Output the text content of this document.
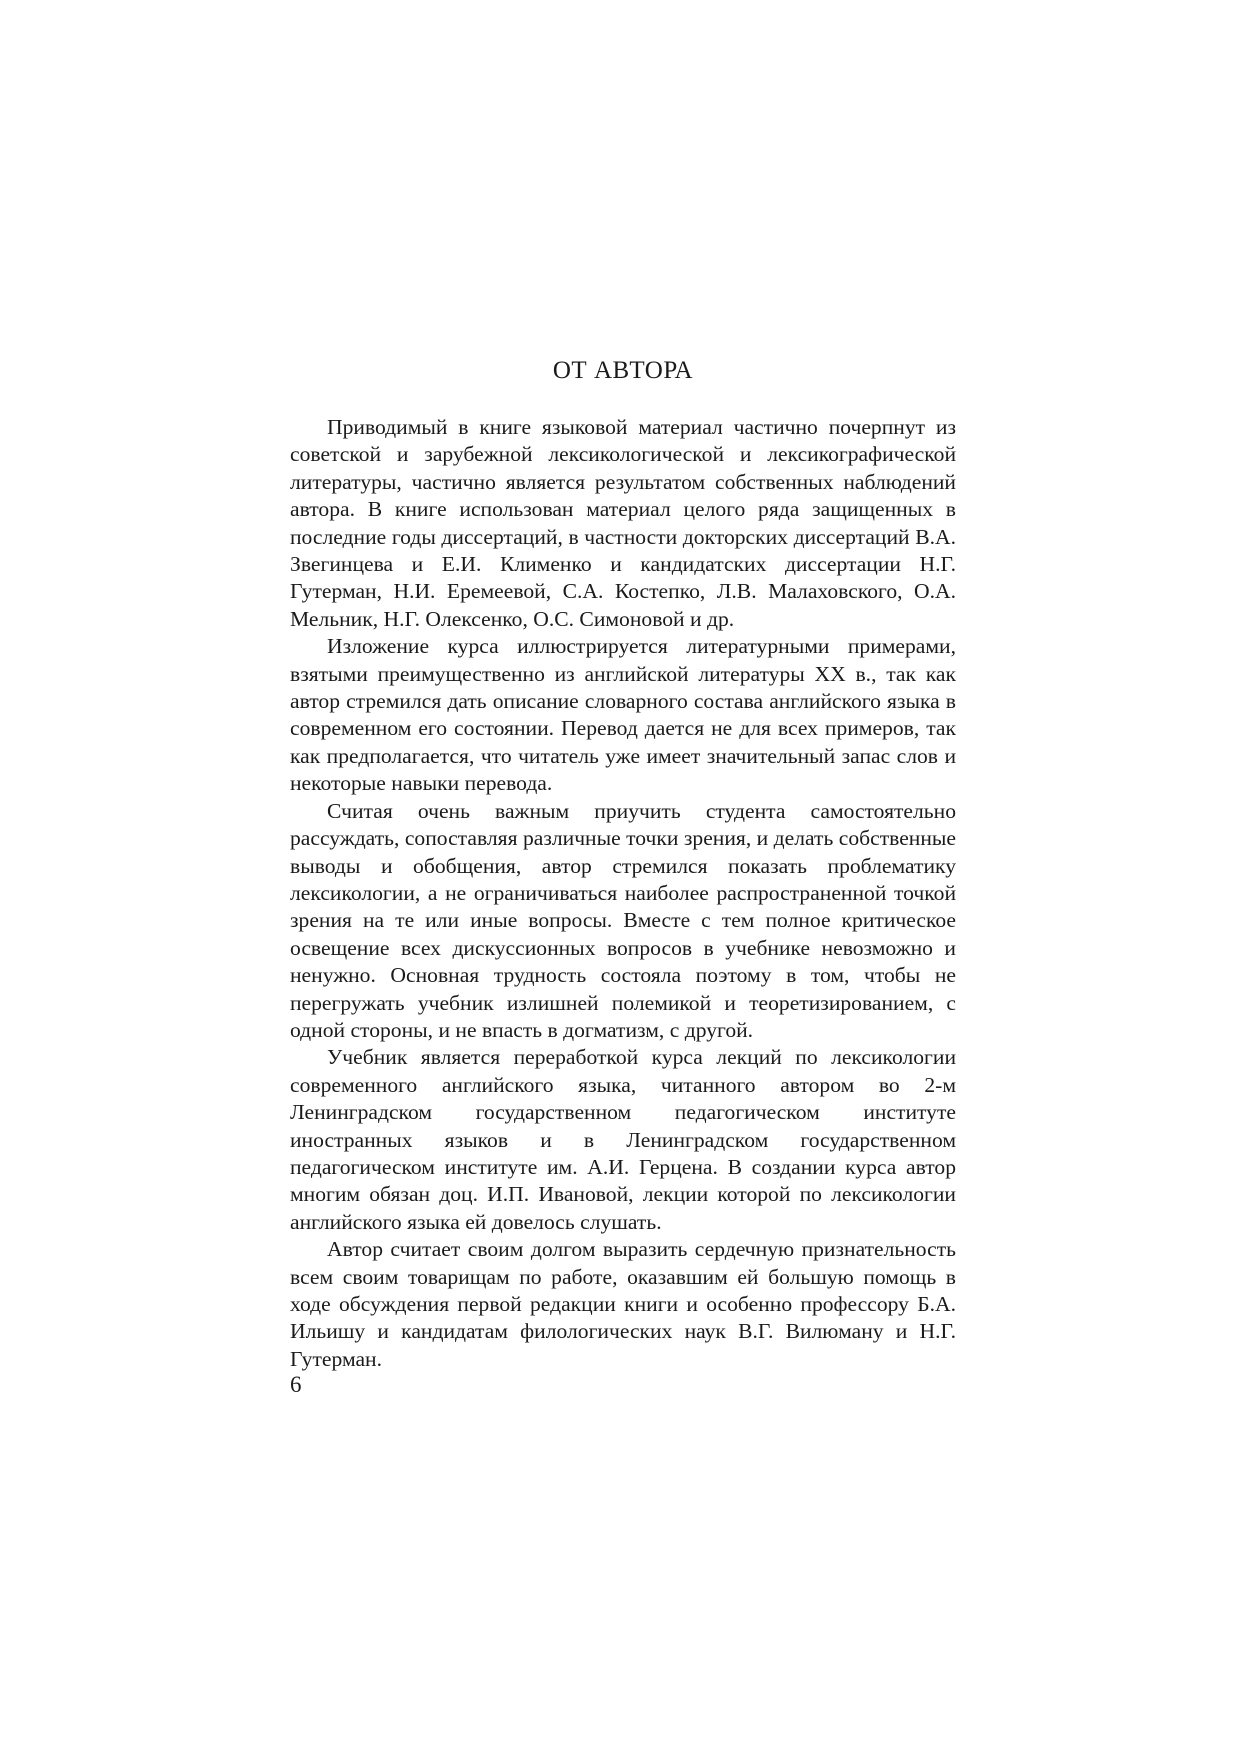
ОТ АВТОРА

Приводимый в книге языковой материал частично почерпнут из советской и зарубежной лексикологической и лексикографической литературы, частично является результатом собственных наблюдений автора. В книге использован материал целого ряда защищенных в последние годы диссертаций, в частности докторских диссертаций В.А. Звегинцева и Е.И. Клименко и кандидатских диссертации Н.Г. Гутерман, Н.И. Еремеевой, С.А. Костепко, Л.В. Малаховского, О.А. Мельник, Н.Г. Олексенко, О.С. Симоновой и др.

Изложение курса иллюстрируется литературными примерами, взятыми преимущественно из английской литературы XX в., так как автор стремился дать описание словарного состава английского языка в современном его состоянии. Перевод дается не для всех примеров, так как предполагается, что читатель уже имеет значительный запас слов и некоторые навыки перевода.

Считая очень важным приучить студента самостоятельно рассуждать, сопоставляя различные точки зрения, и делать собственные выводы и обобщения, автор стремился показать проблематику лексикологии, а не ограничиваться наиболее распространенной точкой зрения на те или иные вопросы. Вместе с тем полное критическое освещение всех дискуссионных вопросов в учебнике невозможно и ненужно. Основная трудность состояла поэтому в том, чтобы не перегружать учебник излишней полемикой и теоретизированием, с одной стороны, и не впасть в догматизм, с другой.

Учебник является переработкой курса лекций по лексикологии современного английского языка, читанного автором во 2-м Ленинградском государственном педагогическом институте иностранных языков и в Ленинградском государственном педагогическом институте им. А.И. Герцена. В создании курса автор многим обязан доц. И.П. Ивановой, лекции которой по лексикологии английского языка ей довелось слушать.

Автор считает своим долгом выразить сердечную признательность всем своим товарищам по работе, оказавшим ей большую помощь в ходе обсуждения первой редакции книги и особенно профессору Б.А. Ильишу и кандидатам филологических наук В.Г. Вилюману и Н.Г. Гутерман.

6
